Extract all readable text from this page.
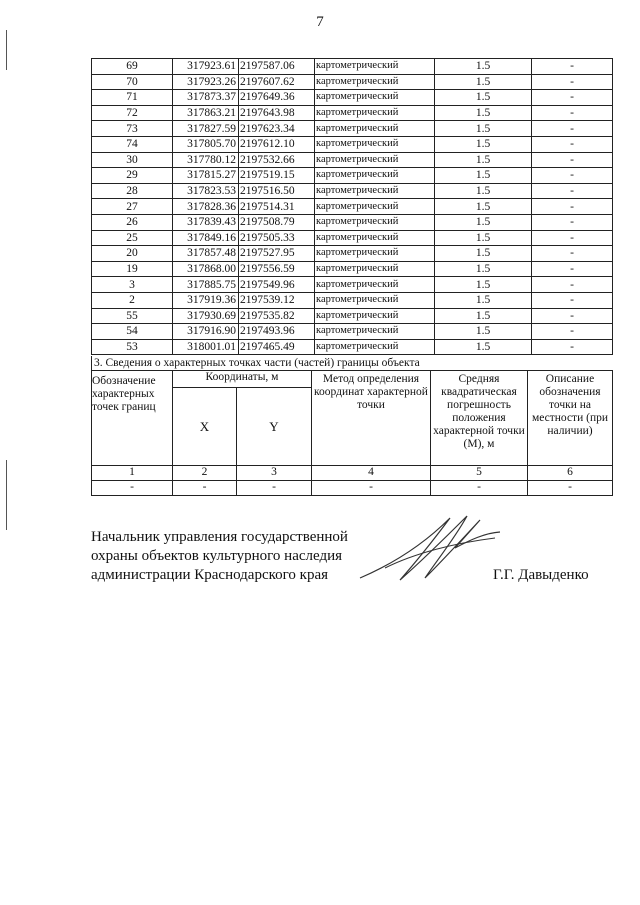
7
69	317923.61	2197587.06	картометрический	1.5	-
70	317923.26	2197607.62	картометрический	1.5	-
71	317873.37	2197649.36	картометрический	1.5	-
72	317863.21	2197643.98	картометрический	1.5	-
73	317827.59	2197623.34	картометрический	1.5	-
74	317805.70	2197612.10	картометрический	1.5	-
30	317780.12	2197532.66	картометрический	1.5	-
29	317815.27	2197519.15	картометрический	1.5	-
28	317823.53	2197516.50	картометрический	1.5	-
27	317828.36	2197514.31	картометрический	1.5	-
26	317839.43	2197508.79	картометрический	1.5	-
25	317849.16	2197505.33	картометрический	1.5	-
20	317857.48	2197527.95	картометрический	1.5	-
19	317868.00	2197556.59	картометрический	1.5	-
3	317885.75	2197549.96	картометрический	1.5	-
2	317919.36	2197539.12	картометрический	1.5	-
55	317930.69	2197535.82	картометрический	1.5	-
54	317916.90	2197493.96	картометрический	1.5	-
53	318001.01	2197465.49	картометрический	1.5	-
3. Сведения о характерных точках части (частей) границы объекта
Обозначение характерных точек границ	Координаты, м		Метод определения координат характерной точки	Средняя квадратическая погрешность положения характерной точки (М), м	Описание обозначения точки на местности (при наличии)
	X	Y			
1	2	3	4	5	6
-	-	-	-	-	-
Начальник управления государственной
охраны объектов культурного наследия
администрации Краснодарского края	Г.Г. Давыденко
